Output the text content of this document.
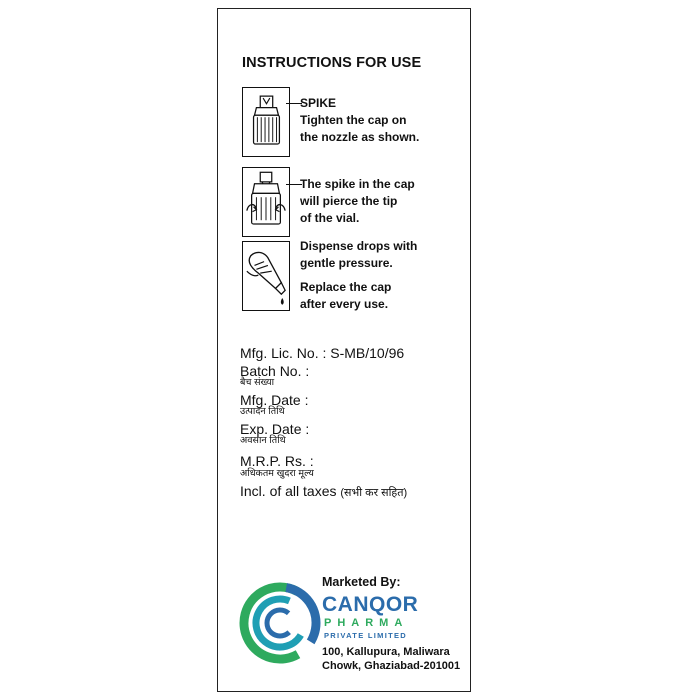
INSTRUCTIONS FOR USE
SPIKE
Tighten the cap on
the nozzle as shown.
The spike in the cap
will pierce the tip
of the vial.
Dispense drops with
gentle pressure.
Replace the cap
after every use.
Mfg. Lic. No. : S-MB/10/96
Batch No. :
बैच संख्या
Mfg. Date :
उत्पादन तिथि
Exp. Date :
अवसान तिथि
M.R.P. Rs. :
अधिकतम खुदरा मूल्य
Incl. of all taxes (सभी कर सहित)
Marketed By:
CANQOR
PHARMA
PRIVATE LIMITED
100, Kallupura, Maliwara
Chowk, Ghaziabad-201001
